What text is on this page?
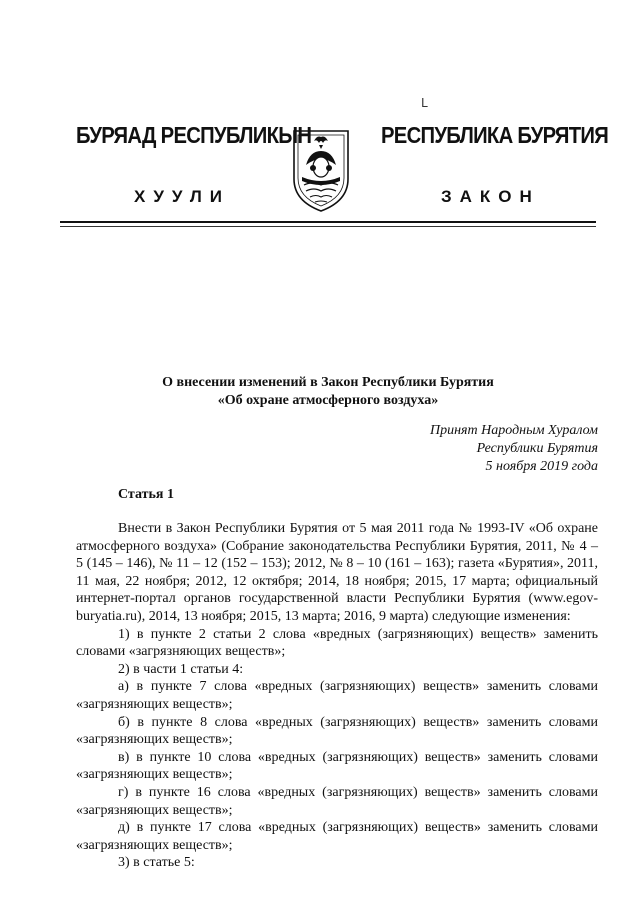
L
БУРЯАД РЕСПУБЛИКЫН	РЕСПУБЛИКА БУРЯТИЯ
ХУУЛИ	ЗАКОН
О внесении изменений в Закон Республики Бурятия
«Об охране атмосферного воздуха»
Принят Народным Хуралом
Республики Бурятия
5 ноября 2019 года
Статья 1

Внести в Закон Республики Бурятия от 5 мая 2011 года № 1993-IV «Об охране атмосферного воздуха» (Собрание законодательства Республики Бурятия, 2011, № 4 – 5 (145 – 146), № 11 – 12 (152 – 153); 2012, № 8 – 10 (161 – 163); газета «Бурятия», 2011, 11 мая, 22 ноября; 2012, 12 октября; 2014, 18 ноября; 2015, 17 марта; официальный интернет-портал органов государственной власти Республики Бурятия (www.egov-buryatia.ru), 2014, 13 ноября; 2015, 13 марта; 2016, 9 марта) следующие изменения:

1) в пункте 2 статьи 2 слова «вредных (загрязняющих) веществ» заменить словами «загрязняющих веществ»;

2) в части 1 статьи 4:

а) в пункте 7 слова «вредных (загрязняющих) веществ» заменить словами «загрязняющих веществ»;

б) в пункте 8 слова «вредных (загрязняющих) веществ» заменить словами «загрязняющих веществ»;

в) в пункте 10 слова «вредных (загрязняющих) веществ» заменить словами «загрязняющих веществ»;

г) в пункте 16 слова «вредных (загрязняющих) веществ» заменить словами «загрязняющих веществ»;

д) в пункте 17 слова «вредных (загрязняющих) веществ» заменить словами «загрязняющих веществ»;

3) в статье 5:
